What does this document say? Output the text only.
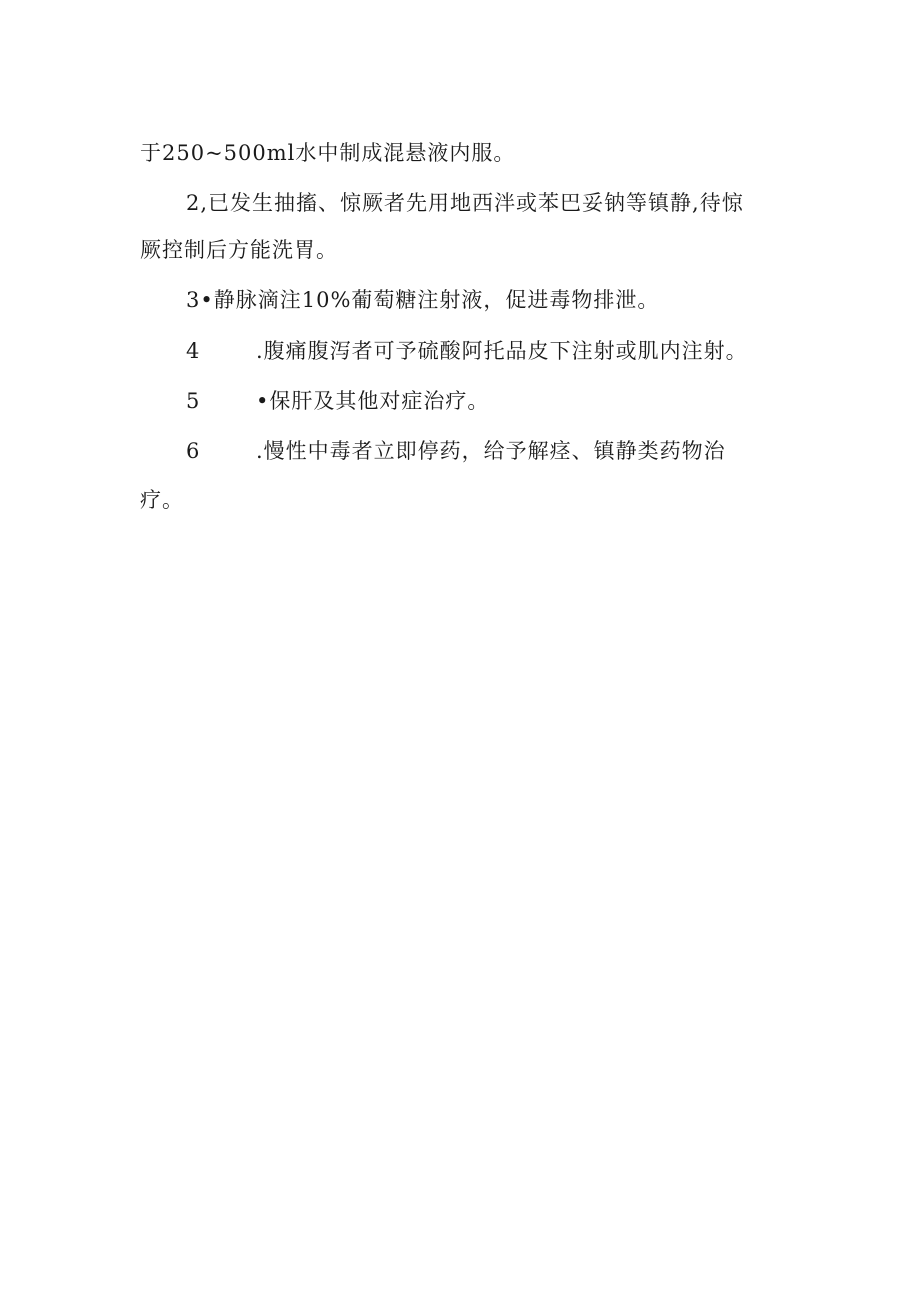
于250~500ml水中制成混悬液内服。
2,已发生抽搐、惊厥者先用地西泮或苯巴妥钠等镇静,待惊
厥控制后方能洗胃。
3•静脉滴注10%葡萄糖注射液，促进毒物排泄。
4	.腹痛腹泻者可予硫酸阿托品皮下注射或肌内注射。
5	•保肝及其他对症治疗。
6	.慢性中毒者立即停药，给予解痉、镇静类药物治
疗。
